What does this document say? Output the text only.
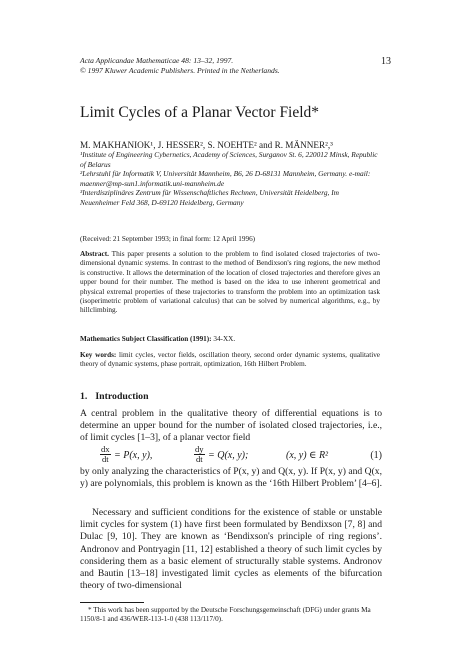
Acta Applicandae Mathematicae 48: 13–32, 1997.
© 1997 Kluwer Academic Publishers. Printed in the Netherlands.
13
Limit Cycles of a Planar Vector Field*
M. MAKHANIOK¹, J. HESSER², S. NOEHTE² and R. MÄNNER²,³

¹Institute of Engineering Cybernetics, Academy of Sciences, Surganov St. 6, 220012 Minsk, Republic of Belarus

²Lehrstuhl für Informatik V, Universität Mannheim, B6, 26 D-68131 Mannheim, Germany. e-mail: maenner@mp-sun1.informatik.uni-mannheim.de

³Interdisziplinäres Zentrum für Wissenschaftliches Rechnen, Universität Heidelberg, Im Neuenheimer Feld 368, D-69120 Heidelberg, Germany

(Received: 21 September 1993; in final form: 12 April 1996)

Abstract. This paper presents a solution to the problem to find isolated closed trajectories of two-dimensional dynamic systems. In contrast to the method of Bendixson's ring regions, the new method is constructive. It allows the determination of the location of closed trajectories and therefore gives an upper bound for their number. The method is based on the idea to use inherent geometrical and physical extremal properties of these trajectories to transform the problem into an optimization task (isoperimetric problem of variational calculus) that can be solved by numerical algorithms, e.g., by hillclimbing.

Mathematics Subject Classification (1991): 34-XX.

Key words: limit cycles, vector fields, oscillation theory, second order dynamic systems, qualitative theory of dynamic systems, phase portrait, optimization, 16th Hilbert Problem.

1. Introduction

A central problem in the qualitative theory of differential equations is to determine an upper bound for the number of isolated closed trajectories, i.e., of limit cycles [1–3], of a planar vector field

$\frac{dx}{dt} = P(x$, y),	$\frac{dy}{dt} = Q(x$, y);	(x, y) ∈ R²	(1)

by only analyzing the characteristics of P(x, y) and Q(x, y). If P(x, y) and Q(x, y) are polynomials, this problem is known as the ‘16th Hilbert Problem’ [4–6].

Necessary and sufficient conditions for the existence of stable or unstable limit cycles for system (1) have first been formulated by Bendixson [7, 8] and Dulac [9, 10]. They are known as ‘Bendixson's principle of ring regions’. Andronov and Pontryagin [11, 12] established a theory of such limit cycles by considering them as a basic element of structurally stable systems. Andronov and Bautin [13–18] investigated limit cycles as elements of the bifurcation theory of two-dimensional

* This work has been supported by the Deutsche Forschungsgemeinschaft (DFG) under grants Ma 1150/8-1 and 436/WER-113-1-0 (438 113/117/0).
